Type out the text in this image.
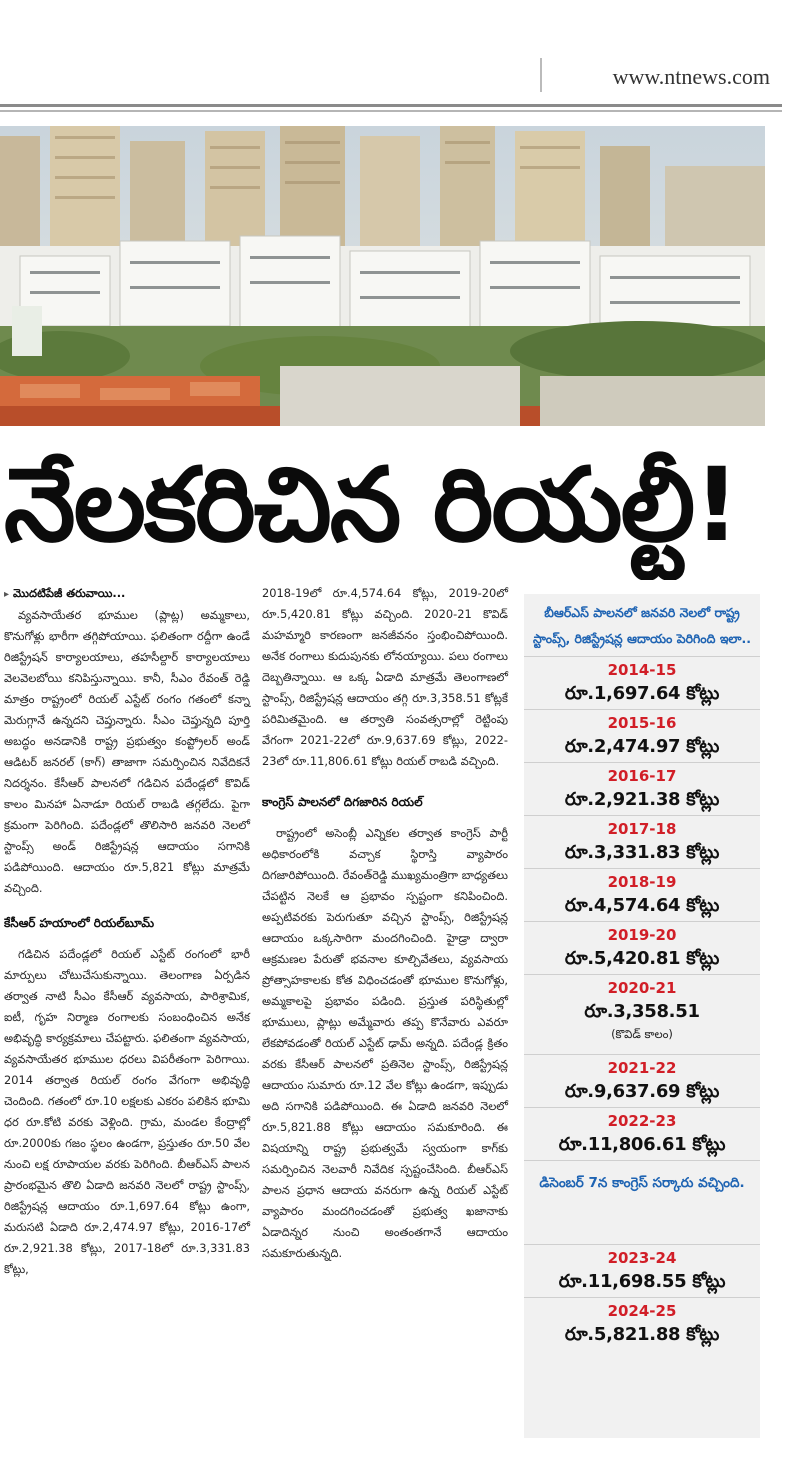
www.ntnews.com
నేలకరిచిన రియల్టీ!
▸ మొదటిపేజీ తరువాయి...

వ్యవసాయేతర భూముల (ప్లాట్ల) అమ్మకాలు, కొనుగోళ్లు భారీగా తగ్గిపోయాయి. ఫలితంగా రద్దీగా ఉండే రిజిస్ట్రేషన్ కార్యాలయాలు, తహసీల్దార్ కార్యాలయాలు వెలవెలబోయి కనిపిస్తున్నాయి. కానీ, సీఎం రేవంత్ రెడ్డి మాత్రం రాష్ట్రంలో రియల్ ఎస్టేట్ రంగం గతంలో కన్నా మెరుగ్గానే ఉన్నదని చెప్తున్నారు. సీఎం చెప్తున్నది పూర్తి అబద్ధం అనడానికి రాష్ట్ర ప్రభుత్వం కంప్ట్రోలర్ అండ్ ఆడిటర్ జనరల్ (కాగ్) తాజాగా సమర్పించిన నివేదికనే నిదర్శనం. కేసీఆర్ పాలనలో గడిచిన పదేండ్లలో కొవిడ్ కాలం మినహా ఏనాడూ రియల్ రాబడి తగ్గలేదు. పైగా క్రమంగా పెరిగింది. పదేండ్లలో తొలిసారి జనవరి నెలలో స్టాంప్స్ అండ్ రిజిస్ట్రేషన్ల ఆదాయం సగానికి పడిపోయింది. ఆదాయం రూ.5,821 కోట్లు మాత్రమే వచ్చింది.

కేసీఆర్ హయాంలో రియల్‌బూమ్

గడిచిన పదేండ్లలో రియల్ ఎస్టేట్ రంగంలో భారీ మార్పులు చోటుచేసుకున్నాయి. తెలంగాణ ఏర్పడిన తర్వాత నాటి సీఎం కేసీఆర్ వ్యవసాయ, పారిశ్రామిక, ఐటీ, గృహ నిర్మాణ రంగాలకు సంబంధించిన అనేక అభివృద్ధి కార్యక్రమాలు చేపట్టారు. ఫలితంగా వ్యవసాయ, వ్యవసాయేతర భూముల ధరలు విపరీతంగా పెరిగాయి. 2014 తర్వాత రియల్ రంగం వేగంగా అభివృద్ధి చెందింది. గతంలో రూ.10 లక్షలకు ఎకరం పలికిన భూమి ధర రూ.కోటి వరకు వెళ్లింది. గ్రామ, మండల కేంద్రాల్లో రూ.2000కు గజం స్థలం ఉండగా, ప్రస్తుతం రూ.50 వేల నుంచి లక్ష రూపాయల వరకు పెరిగింది. బీఆర్ఎస్ పాలన ప్రారంభమైన తొలి ఏడాది జనవరి నెలలో రాష్ట్ర స్టాంప్స్, రిజిస్ట్రేషన్ల ఆదాయం రూ.1,697.64 కోట్లు ఉంగా, మరుసటి ఏడాది రూ.2,474.97 కోట్లు, 2016-17లో రూ.2,921.38 కోట్లు, 2017-18లో రూ.3,331.83 కోట్లు,

2018-19లో రూ.4,574.64 కోట్లు, 2019-20లో రూ.5,420.81 కోట్లు వచ్చింది. 2020-21 కొవిడ్ మహమ్మారి కారణంగా జనజీవనం స్తంభించిపోయింది. అనేక రంగాలు కుదుపునకు లోనయ్యాయి. పలు రంగాలు దెబ్బతిన్నాయి. ఆ ఒక్క ఏడాది మాత్రమే తెలంగాణలో స్టాంప్స్, రిజిస్ట్రేషన్ల ఆదాయం తగ్గి రూ.3,358.51 కోట్లకే పరిమితమైంది. ఆ తర్వాతి సంవత్సరాల్లో రెట్టింపు వేగంగా 2021-22లో రూ.9,637.69 కోట్లు, 2022-23లో రూ.11,806.61 కోట్లు రియల్ రాబడి వచ్చింది.

కాంగ్రెస్ పాలనలో దిగజారిన రియల్

రాష్ట్రంలో అసెంబ్లీ ఎన్నికల తర్వాత కాంగ్రెస్ పార్టీ అధికారంలోకి వచ్చాక స్థిరాస్తి వ్యాపారం దిగజారిపోయింది. రేవంత్‌రెడ్డి ముఖ్యమంత్రిగా బాధ్యతలు చేపట్టిన నెలకే ఆ ప్రభావం స్పష్టంగా కనిపించింది. అప్పటివరకు పెరుగుతూ వచ్చిన స్టాంప్స్, రిజిస్ట్రేషన్ల ఆదాయం ఒక్కసారిగా మందగించింది. హైడ్రా ద్వారా ఆక్రమణల పేరుతో భవనాల కూల్చివేతలు, వ్యవసాయ ప్రోత్సాహకాలకు కోత విధించడంతో భూముల కొనుగోళ్లు, అమ్మకాలపై ప్రభావం పడింది. ప్రస్తుత పరిస్థితుల్లో భూములు, ప్లాట్లు అమ్మేవారు తప్ప కొనేవారు ఎవరూ లేకపోవడంతో రియల్ ఎస్టేట్ ఢామ్ అన్నది. పదేండ్ల క్రితం వరకు కేసీఆర్ పాలనలో ప్రతినెల స్టాంప్స్, రిజిస్ట్రేషన్ల ఆదాయం సుమారు రూ.12 వేల కోట్లు ఉండగా, ఇప్పుడు అది సగానికి పడిపోయింది. ఈ ఏడాది జనవరి నెలలో రూ.5,821.88 కోట్లు ఆదాయం సమకూరింది. ఈ విషయాన్ని రాష్ట్ర ప్రభుత్వమే స్వయంగా కాగ్‌కు సమర్పించిన నెలవారీ నివేదిక స్పష్టంచేసింది. బీఆర్ఎస్ పాలన ప్రధాన ఆదాయ వనరుగా ఉన్న రియల్ ఎస్టేట్ వ్యాపారం మందగించడంతో ప్రభుత్వ ఖజానాకు ఏడాదిన్నర నుంచి అంతంతగానే ఆదాయం సమకూరుతున్నది.

బీఆర్ఎస్ పాలనలో జనవరి నెలలో రాష్ట్ర స్టాంప్స్, రిజిస్ట్రేషన్ల ఆదాయం పెరిగింది ఇలా..
2014-15
రూ.1,697.64 కోట్లు
2015-16
రూ.2,474.97 కోట్లు
2016-17
రూ.2,921.38 కోట్లు
2017-18
రూ.3,331.83 కోట్లు
2018-19
రూ.4,574.64 కోట్లు
2019-20
రూ.5,420.81 కోట్లు
2020-21
రూ.3,358.51
(కొవిడ్ కాలం)
2021-22
రూ.9,637.69 కోట్లు
2022-23
రూ.11,806.61 కోట్లు
డిసెంబర్ 7న కాంగ్రెస్ సర్కారు వచ్చింది.
2023-24
రూ.11,698.55 కోట్లు
2024-25
రూ.5,821.88 కోట్లు
